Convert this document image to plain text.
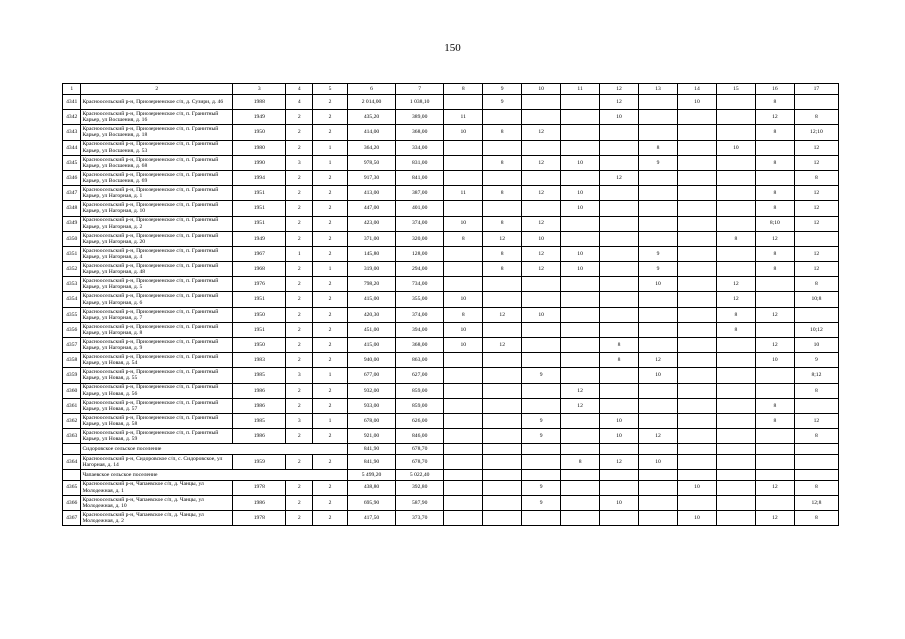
150
1	2	3	4	5	6	7	8	9	10	11	12	13	14	15	16	17
4341	Красноосельский р-н, Приозерненское с/п, д. Сузири, д. 46	1988	4	2	2 014,00	1 038,10		9			12		10		8	
4342	Красноосельский р-н, Приозерненское с/п, п. Гранитный Карьер, ул Восшения, д. 16	1949	2	2	435,20	389,00	11				10				12	8
4343	Красноосельский р-н, Приозерненское с/п, п. Гранитный Карьер, ул Восшения, д. 18	1950	2	2	414,00	368,00	10	8	12						8	12;10
4344	Красноосельский р-н, Приозерненское с/п, п. Гранитный Карьер, ул Восшения, д. 53	1980	2	1	364,20	334,00						8		10		12
4345	Красноосельский р-н, Приозерненское с/п, п. Гранитный Карьер, ул Восшения, д. 68	1990	3	1	978,50	831,00		8	12	10		9			8	12
4346	Красноосельский р-н, Приозерненское с/п, п. Гранитный Карьер, ул Восшения, д. 69	1994	2	2	917,30	841,00					12					8
4347	Красноосельский р-н, Приозерненское с/п, п. Гранитный Карьер, ул Нагорная, д. 1	1951	2	2	413,00	387,00	11	8	12	10					8	12
4348	Красноосельский р-н, Приозерненское с/п, п. Гранитный Карьер, ул Нагорная, д. 10	1951	2	2	447,00	401,00				10					8	12
4349	Красноосельский р-н, Приозерненское с/п, п. Гранитный Карьер, ул Нагорная, д. 2	1951	2	2	423,00	374,00	10	8	12						8;10	12
4350	Красноосельский р-н, Приозерненское с/п, п. Гранитный Карьер, ул Нагорная, д. 20	1949	2	2	371,00	320,00	8	12	10					8	12	
4351	Красноосельский р-н, Приозерненское с/п, п. Гранитный Карьер, ул Нагорная, д. 4	1967	1	2	145,80	128,00		8	12	10		9			8	12
4352	Красноосельский р-н, Приозерненское с/п, п. Гранитный Карьер, ул Нагорная, д. 48	1968	2	1	319,00	294,00		8	12	10		9			8	12
4353	Красноосельский р-н, Приозерненское с/п, п. Гранитный Карьер, ул Нагорная, д. 5	1976	2	2	798,20	734,00						10		12		8
4354	Красноосельский р-н, Приозерненское с/п, п. Гранитный Карьер, ул Нагорная, д. 6	1951	2	2	415,00	355,00	10							12		10;8
4355	Красноосельский р-н, Приозерненское с/п, п. Гранитный Карьер, ул Нагорная, д. 7	1950	2	2	420,30	374,00	8	12	10					8	12	
4356	Красноосельский р-н, Приозерненское с/п, п. Гранитный Карьер, ул Нагорная, д. 8	1951	2	2	451,00	394,00	10							8		10;12
4357	Красноосельский р-н, Приозерненское с/п, п. Гранитный Карьер, ул Нагорная, д. 9	1950	2	2	415,00	368,00	10	12			8				12	10
4358	Красноосельский р-н, Приозерненское с/п, п. Гранитный Карьер, ул Новая, д. 54	1983	2	2	940,00	863,00					8	12			10	9
4359	Красноосельский р-н, Приозерненское с/п, п. Гранитный Карьер, ул Новая, д. 55	1985	3	1	677,00	627,00			9			10				8;12
4360	Красноосельский р-н, Приозерненское с/п, п. Гранитный Карьер, ул Новая, д. 56	1986	2	2	932,00	859,00				12						8
4361	Красноосельский р-н, Приозерненское с/п, п. Гранитный Карьер, ул Новая, д. 57	1986	2	2	933,00	859,00				12					8	
4362	Красноосельский р-н, Приозерненское с/п, п. Гранитный Карьер, ул Новая, д. 58	1985	3	1	678,00	626,00			9		10				8	12
4363	Красноосельский р-н, Приозерненское с/п, п. Гранитный Карьер, ул Новая, д. 59	1986	2	2	921,00	846,00			9		10	12				8
	Сидоровское сельское поселение				841,90	678,70										
4364	Красноосельский р-н, Сидоровское с/п, с. Сидоровское, ул Нагорная, д. 14	1959	2	2	841,90	678,70				8	12	10				
	Чапаевское сельское поселение				5 499,20	5 022,40										
4365	Красноосельский р-н, Чапаевское с/п, д. Чанцы, ул Молодежная, д. 1	1978	2	2	438,80	392,80			9				10		12	8
4366	Красноосельский р-н, Чапаевское с/п, д. Чанцы, ул Молодежная, д. 10	1986	2	2	695,90	587,90			9		10					12;8
4367	Красноосельский р-н, Чапаевское с/п, д. Чанцы, ул Молодежная, д. 2	1978	2	2	417,50	373,70							10		12	8
